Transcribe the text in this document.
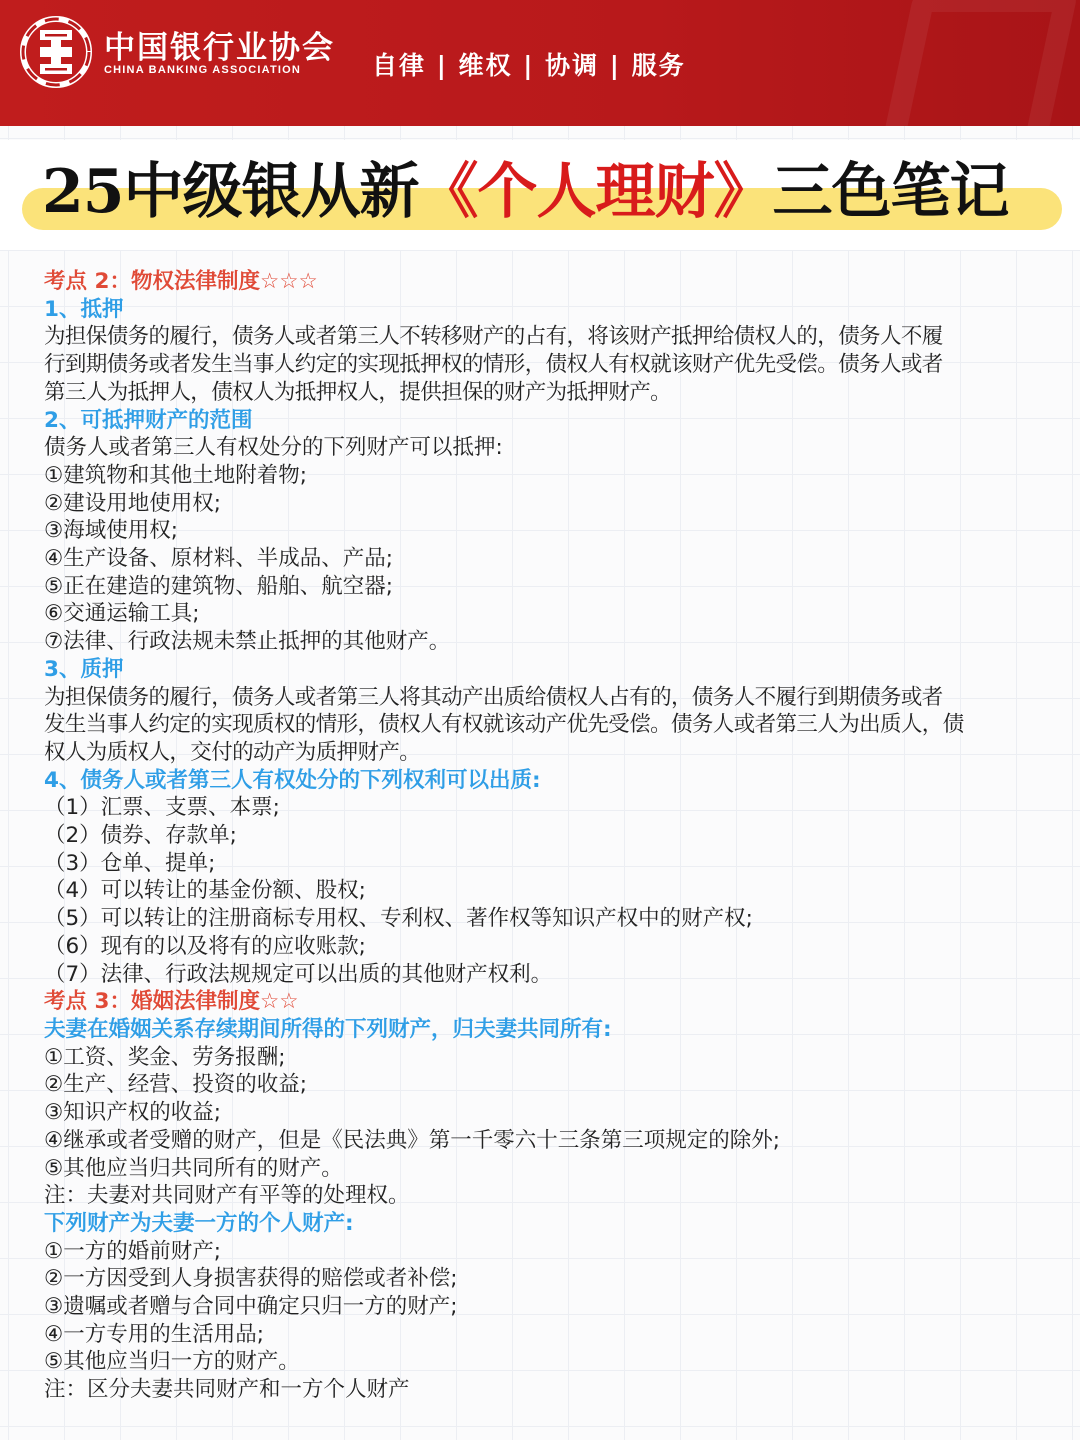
中国银行业协会
CHINA BANKING ASSOCIATION	自律 | 维权 | 协调 | 服务
25中级银从新《个人理财》三色笔记

考点 2：物权法律制度☆☆☆

1、抵押

为担保债务的履行，债务人或者第三人不转移财产的占有，将该财产抵押给债权人的，债务人不履

行到期债务或者发生当事人约定的实现抵押权的情形，债权人有权就该财产优先受偿。债务人或者

第三人为抵押人，债权人为抵押权人，提供担保的财产为抵押财产。

2、可抵押财产的范围

债务人或者第三人有权处分的下列财产可以抵押:

①建筑物和其他土地附着物;

②建设用地使用权;

③海域使用权;

④生产设备、原材料、半成品、产品;

⑤正在建造的建筑物、船舶、航空器;

⑥交通运输工具;

⑦法律、行政法规未禁止抵押的其他财产。

3、质押

为担保债务的履行，债务人或者第三人将其动产出质给债权人占有的，债务人不履行到期债务或者

发生当事人约定的实现质权的情形，债权人有权就该动产优先受偿。债务人或者第三人为出质人，债

权人为质权人，交付的动产为质押财产。

4、债务人或者第三人有权处分的下列权利可以出质:

（1）汇票、支票、本票;

（2）债券、存款单;

（3）仓单、提单;

（4）可以转让的基金份额、股权;

（5）可以转让的注册商标专用权、专利权、著作权等知识产权中的财产权;

（6）现有的以及将有的应收账款;

（7）法律、行政法规规定可以出质的其他财产权利。

考点 3：婚姻法律制度☆☆

夫妻在婚姻关系存续期间所得的下列财产，归夫妻共同所有:

①工资、奖金、劳务报酬;

②生产、经营、投资的收益;

③知识产权的收益;

④继承或者受赠的财产，但是《民法典》第一千零六十三条第三项规定的除外;

⑤其他应当归共同所有的财产。

注：夫妻对共同财产有平等的处理权。

下列财产为夫妻一方的个人财产:

①一方的婚前财产;

②一方因受到人身损害获得的赔偿或者补偿;

③遗嘱或者赠与合同中确定只归一方的财产;

④一方专用的生活用品;

⑤其他应当归一方的财产。

注：区分夫妻共同财产和一方个人财产
